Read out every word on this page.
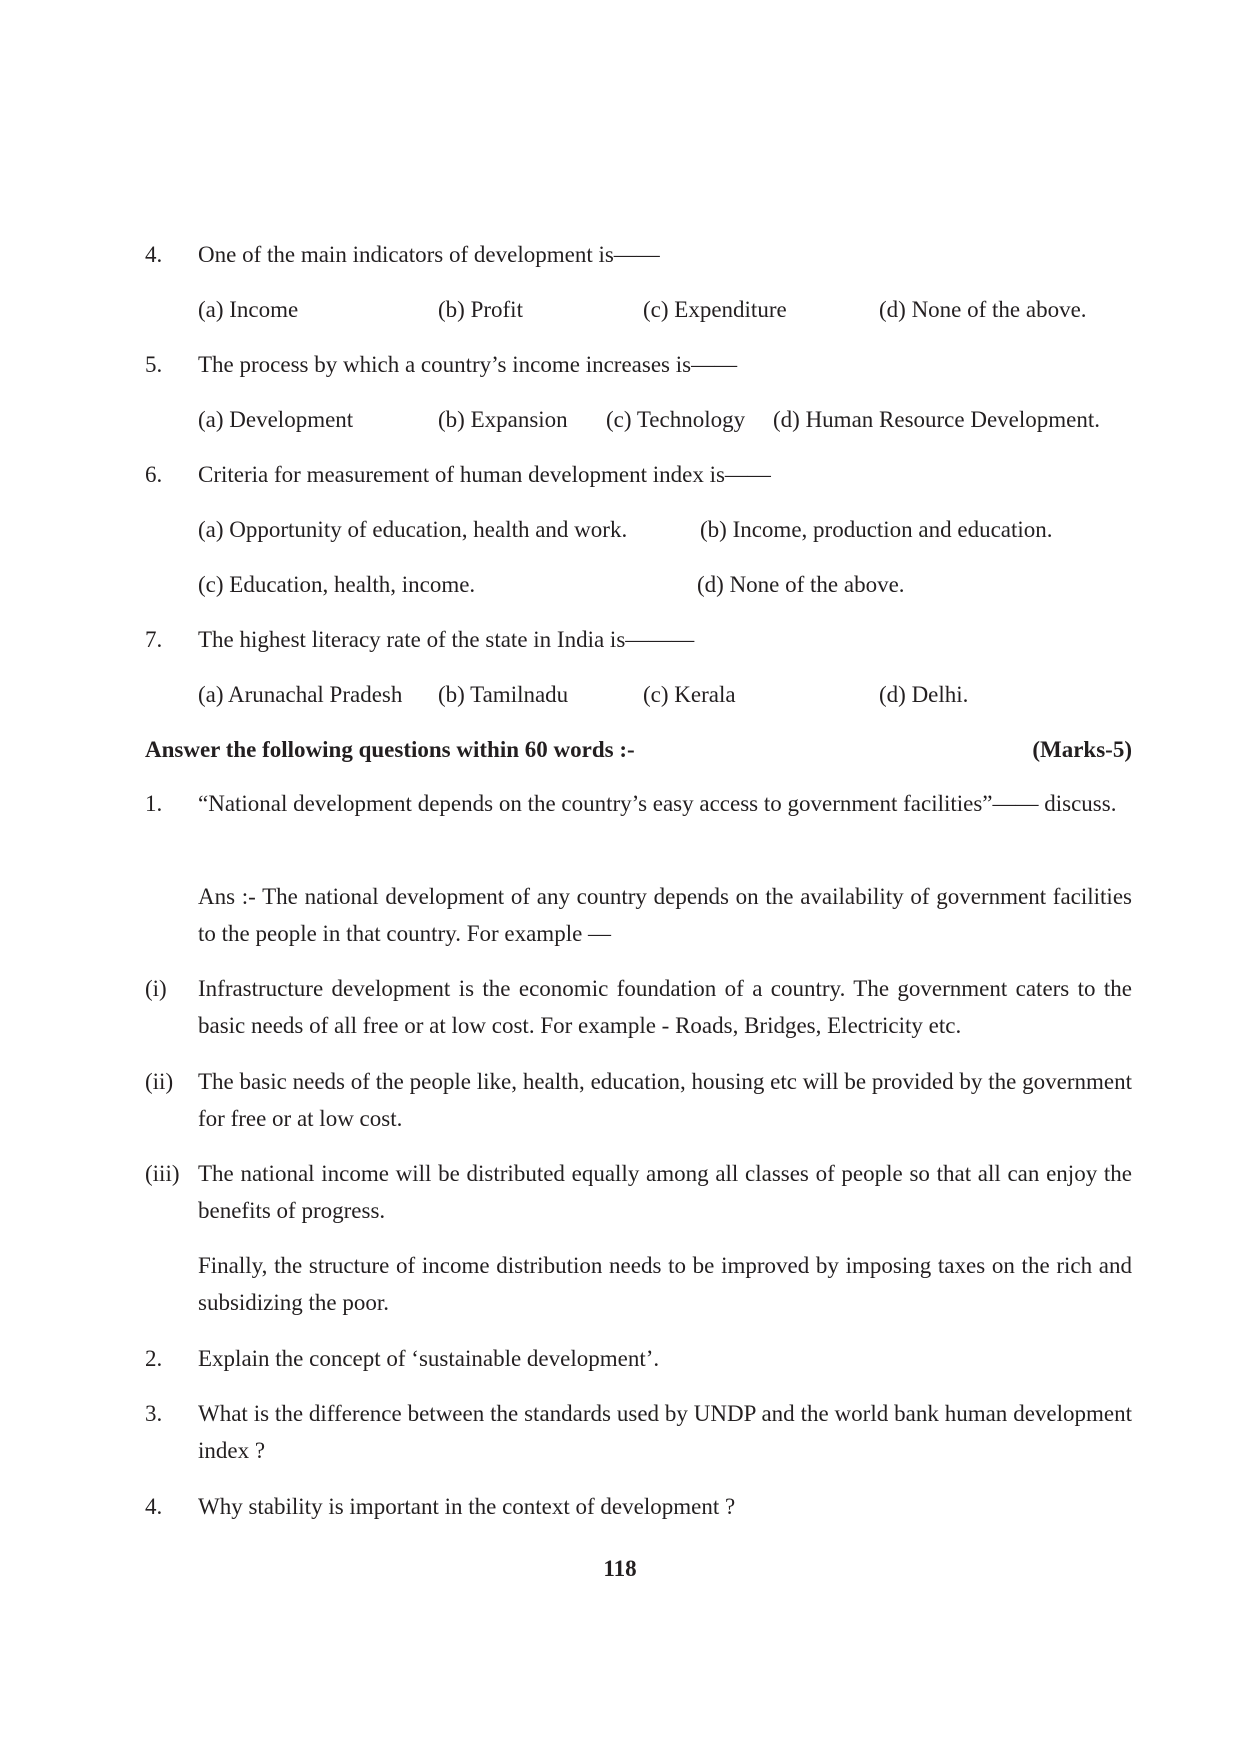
4. One of the main indicators of development is——
(a) Income	(b) Profit	(c) Expenditure	(d) None of the above.
5. The process by which a country’s income increases is——
(a) Development	(b) Expansion (c) Technology (d) Human Resource Development.
6. Criteria for measurement of human development index is——
(a) Opportunity of education, health and work.	(b) Income, production and education.
(c) Education, health, income.	(d) None of the above.
7. The highest literacy rate of the state in India is———
(a) Arunachal Pradesh (b) Tamilnadu	(c) Kerala	(d) Delhi.
Answer the following questions within 60 words :-	(Marks-5)
1. “National development depends on the country’s easy access to government facilities”—— discuss.
Ans :- The national development of any country depends on the availability of government facilities to the people in that country. For example —
(i) Infrastructure development is the economic foundation of a country. The government caters to the basic needs of all free or at low cost. For example - Roads, Bridges, Electricity etc.
(ii) The basic needs of the people like, health, education, housing etc will be provided by the government for free or at low cost.
(iii) The national income will be distributed equally among all classes of people so that all can enjoy the benefits of progress.
Finally, the structure of income distribution needs to be improved by imposing taxes on the rich and subsidizing the poor.
2. Explain the concept of ‘sustainable development’.
3. What is the difference between the standards used by UNDP and the world bank human development index ?
4. Why stability is important in the context of development ?
118
